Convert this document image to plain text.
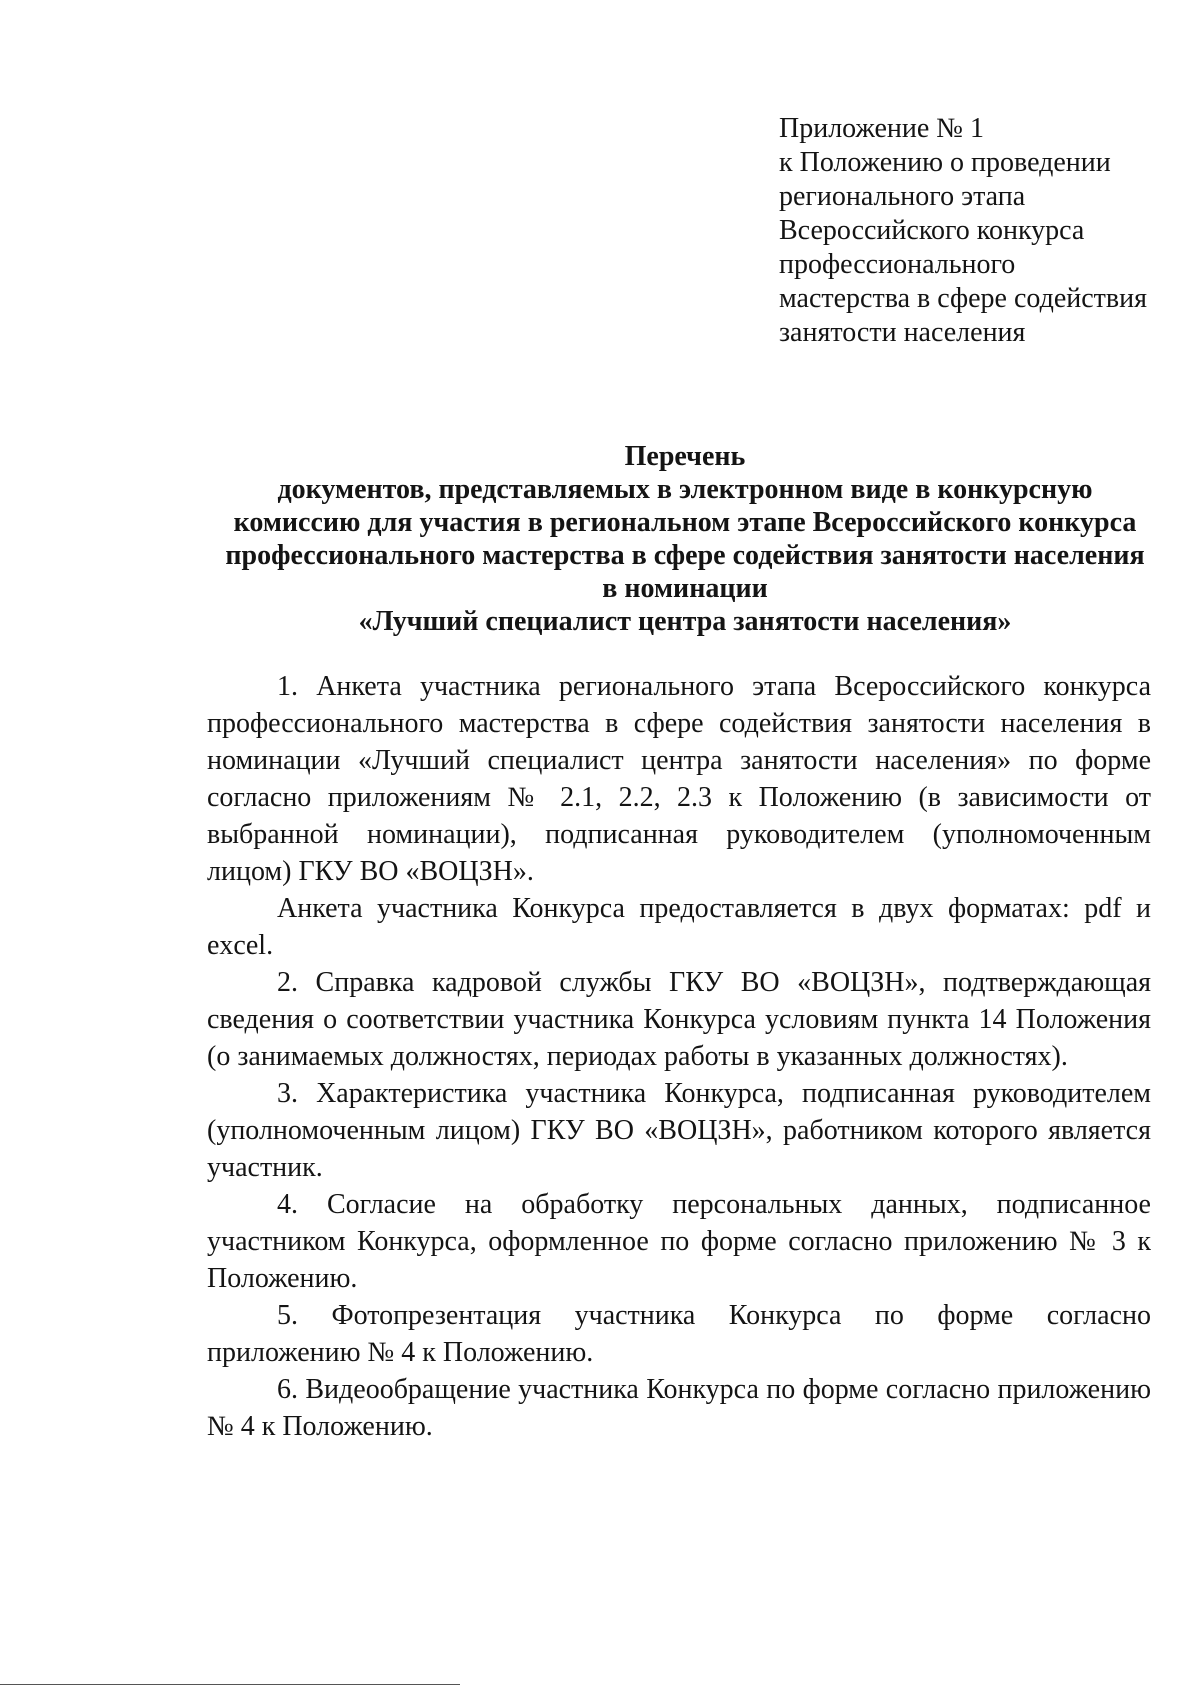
Приложение № 1
к Положению о проведении
регионального этапа
Всероссийского конкурса
профессионального
мастерства в сфере содействия
занятости населения
Перечень
документов, представляемых в электронном виде в конкурсную
комиссию для участия в региональном этапе Всероссийского конкурса
профессионального мастерства в сфере содействия занятости населения
в номинации
«Лучший специалист центра занятости населения»

1. Анкета участника регионального этапа Всероссийского конкурса профессионального мастерства в сфере содействия занятости населения в номинации «Лучший специалист центра занятости населения» по форме согласно приложениям № 2.1, 2.2, 2.3 к Положению (в зависимости от выбранной номинации), подписанная руководителем (уполномоченным лицом) ГКУ ВО «ВОЦЗН».

Анкета участника Конкурса предоставляется в двух форматах: pdf и excel.

2. Справка кадровой службы ГКУ ВО «ВОЦЗН», подтверждающая сведения о соответствии участника Конкурса условиям пункта 14 Положения (о занимаемых должностях, периодах работы в указанных должностях).

3. Характеристика участника Конкурса, подписанная руководителем (уполномоченным лицом) ГКУ ВО «ВОЦЗН», работником которого является участник.

4. Согласие на обработку персональных данных, подписанное участником Конкурса, оформленное по форме согласно приложению № 3 к Положению.

5. Фотопрезентация участника Конкурса по форме согласно приложению № 4 к Положению.

6. Видеообращение участника Конкурса по форме согласно приложению № 4 к Положению.
